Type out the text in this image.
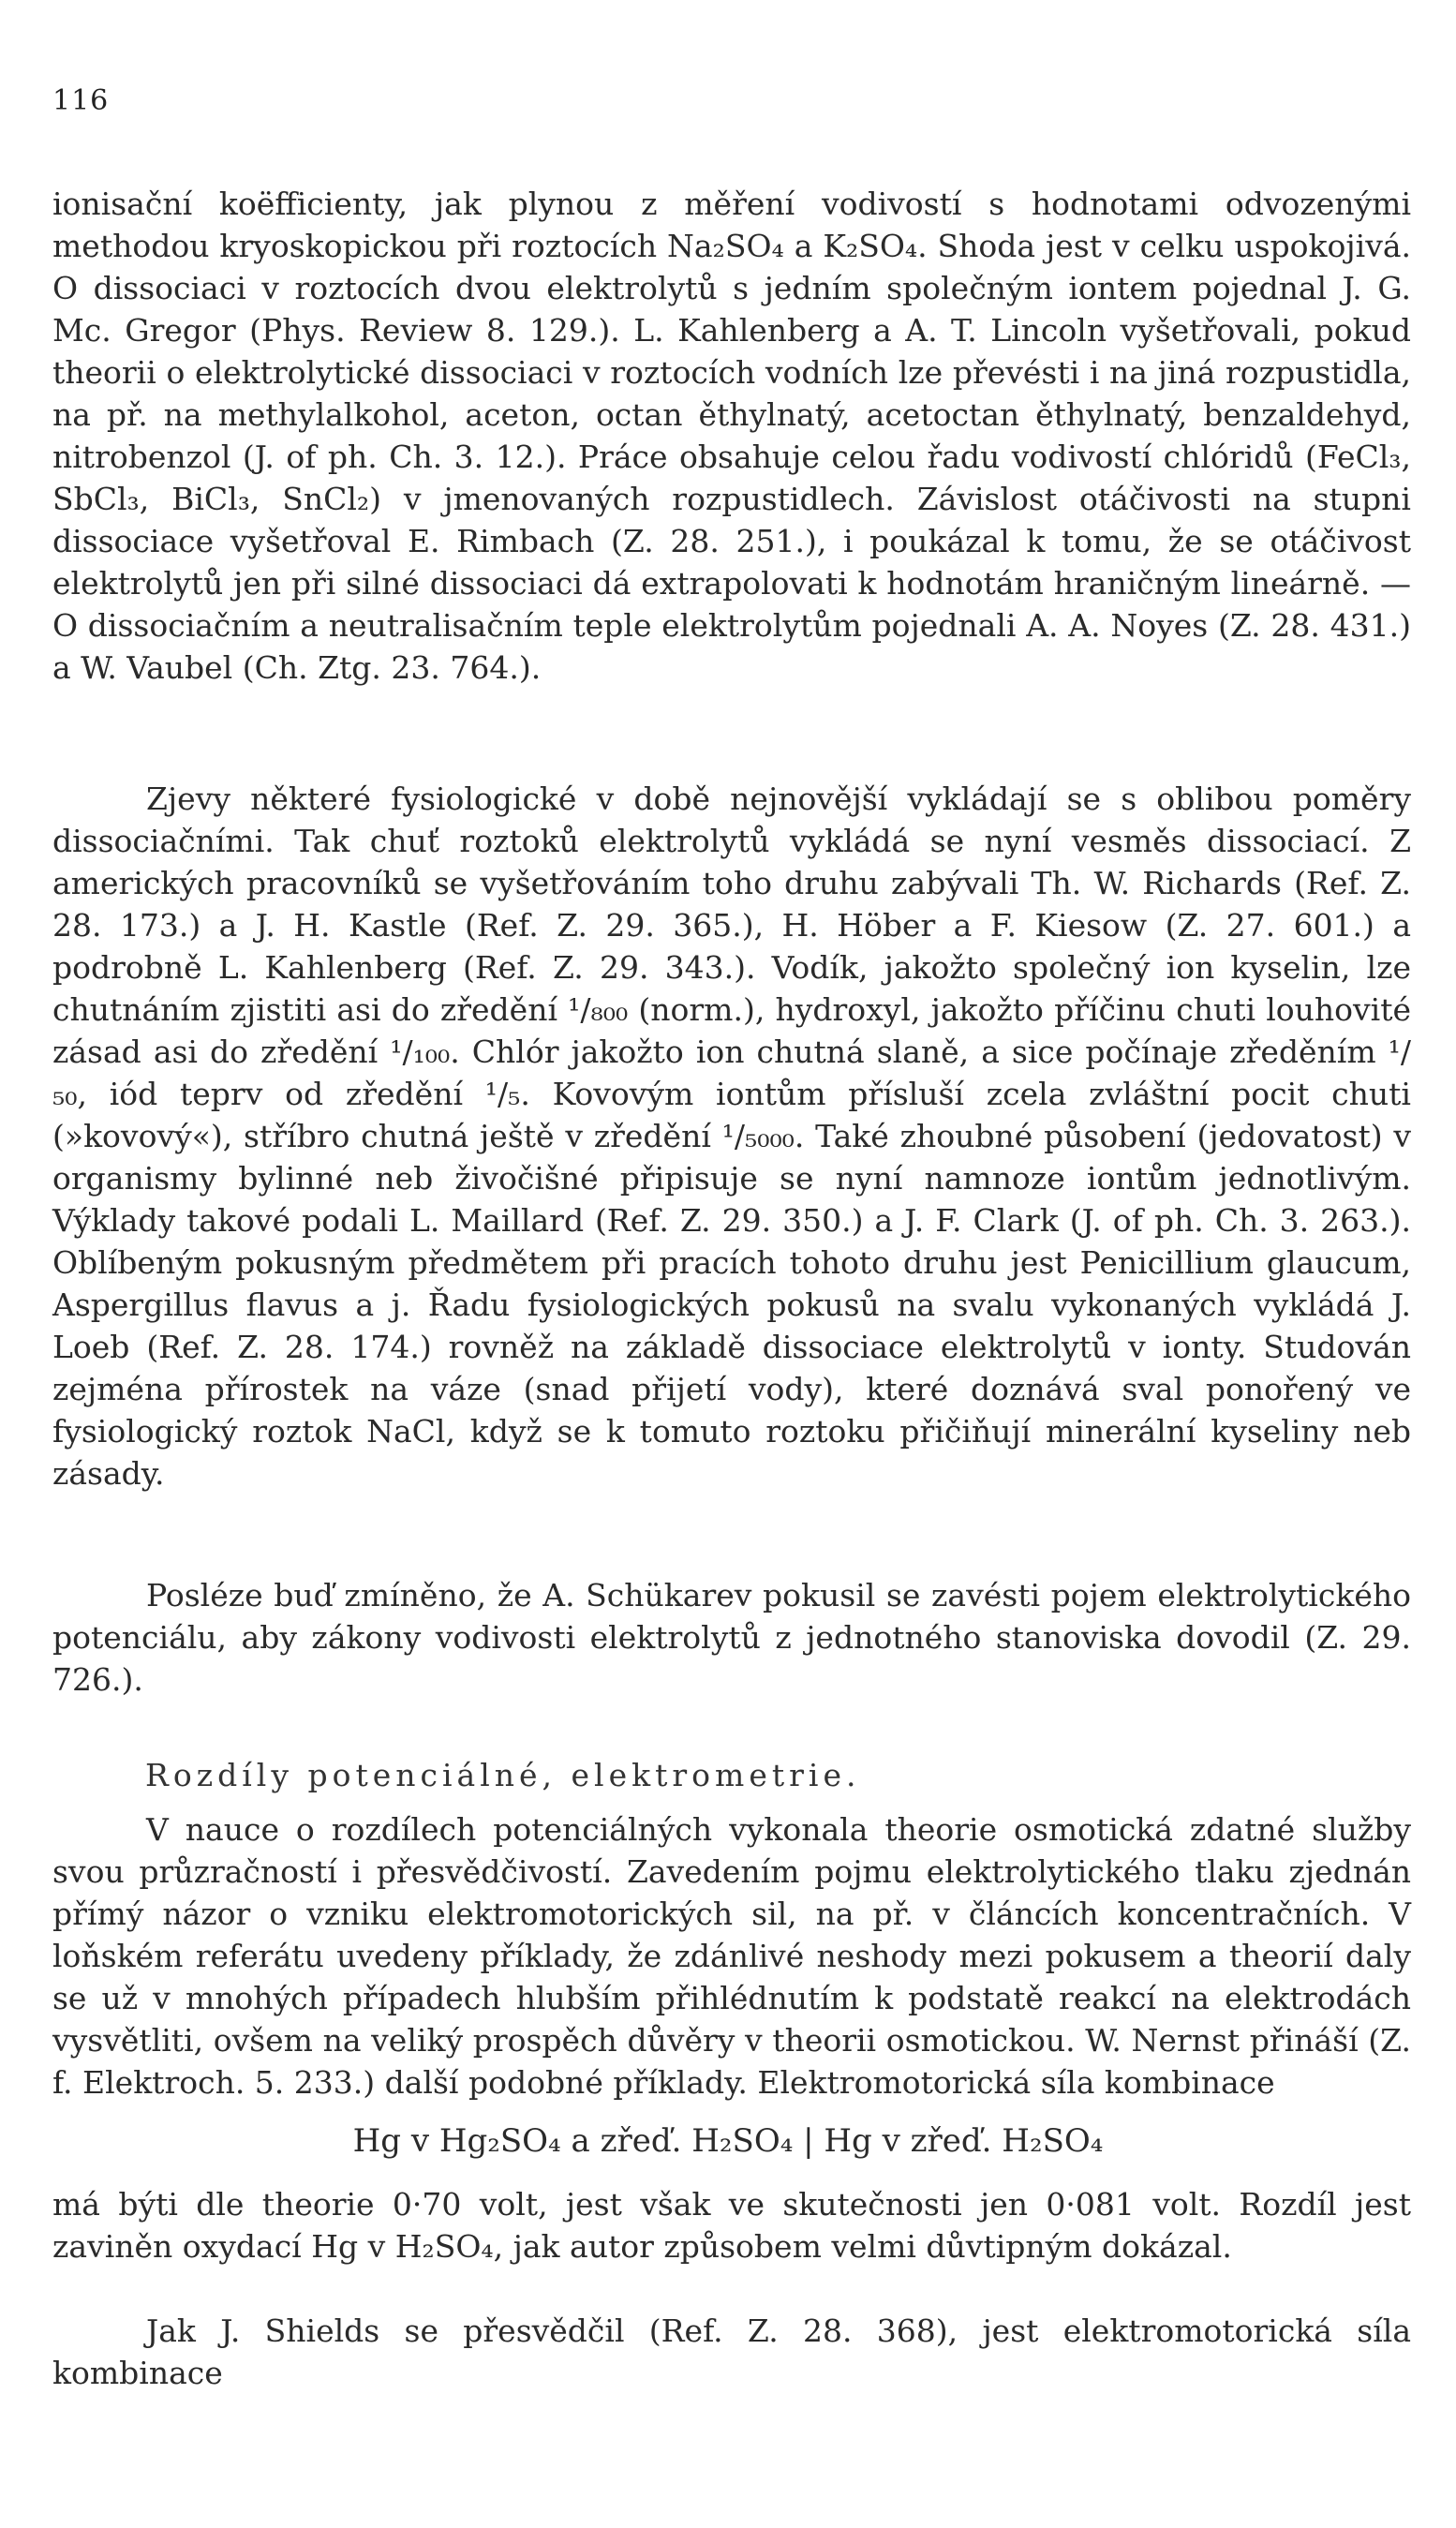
116
ionisační koëfficienty, jak plynou z měření vodivostí s hodnotami odvozenými methodou kryoskopickou při roztocích Na₂SO₄ a K₂SO₄. Shoda jest v celku uspokojivá. O dissociaci v roztocích dvou elektrolytů s jedním společným iontem pojednal J. G. Mc. Gregor (Phys. Review 8. 129.). L. Kahlenberg a A. T. Lincoln vyšetřovali, pokud theorii o elektrolytické dissociaci v roztocích vodních lze převésti i na jiná rozpustidla, na př. na methylalkohol, aceton, octan ěthylnatý, acetoctan ěthylnatý, benzaldehyd, nitrobenzol (J. of ph. Ch. 3. 12.). Práce obsahuje celou řadu vodivostí chlóridů (FeCl₃, SbCl₃, BiCl₃, SnCl₂) v jmenovaných rozpustidlech. Závislost otáčivosti na stupni dissociace vyšetřoval E. Rimbach (Z. 28. 251.), i poukázal k tomu, že se otáčivost elektrolytů jen při silné dissociaci dá extrapolovati k hodnotám hraničným lineárně. — O dissociačním a neutralisačním teple elektrolytům pojednali A. A. Noyes (Z. 28. 431.) a W. Vaubel (Ch. Ztg. 23. 764.).
Zjevy některé fysiologické v době nejnovější vykládají se s oblibou poměry dissociačními. Tak chuť roztoků elektrolytů vykládá se nyní vesměs dissociací. Z amerických pracovníků se vyšetřováním toho druhu zabývali Th. W. Richards (Ref. Z. 28. 173.) a J. H. Kastle (Ref. Z. 29. 365.), H. Höber a F. Kiesow (Z. 27. 601.) a podrobně L. Kahlenberg (Ref. Z. 29. 343.). Vodík, jakožto společný ion kyselin, lze chutnáním zjistiti asi do zředění ¹/₈₀₀ (norm.), hydroxyl, jakožto příčinu chuti louhovité zásad asi do zředění ¹/₁₀₀. Chlór jakožto ion chutná slaně, a sice počínaje zředěním ¹/₅₀, iód teprv od zředění ¹/₅. Kovovým iontům přísluší zcela zvláštní pocit chuti (»kovový«), stříbro chutná ještě v zředění ¹/₅₀₀₀. Také zhoubné působení (jedovatost) v organismy bylinné neb živočišné připisuje se nyní namnoze iontům jednotlivým. Výklady takové podali L. Maillard (Ref. Z. 29. 350.) a J. F. Clark (J. of ph. Ch. 3. 263.). Oblíbeným pokusným předmětem při pracích tohoto druhu jest Penicillium glaucum, Aspergillus flavus a j. Řadu fysiologických pokusů na svalu vykonaných vykládá J. Loeb (Ref. Z. 28. 174.) rovněž na základě dissociace elektrolytů v ionty. Studován zejména přírostek na váze (snad přijetí vody), které doznává sval ponořený ve fysiologický roztok NaCl, když se k tomuto roztoku přičiňují minerální kyseliny neb zásady.
Posléze buď zmíněno, že A. Schükarev pokusil se zavésti pojem elektrolytického potenciálu, aby zákony vodivosti elektrolytů z jednotného stanoviska dovodil (Z. 29. 726.).
Rozdíly potenciálné, elektrometrie.
V nauce o rozdílech potenciálných vykonala theorie osmotická zdatné služby svou průzračností i přesvědčivostí. Zavedením pojmu elektrolytického tlaku zjednán přímý názor o vzniku elektromotorických sil, na př. v článcích koncentračních. V loňském referátu uvedeny příklady, že zdánlivé neshody mezi pokusem a theorií daly se už v mnohých případech hlubším přihlédnutím k podstatě reakcí na elektrodách vysvětliti, ovšem na veliký prospěch důvěry v theorii osmotickou. W. Nernst přináší (Z. f. Elektroch. 5. 233.) další podobné příklady. Elektromotorická síla kombinace
Hg v Hg₂SO₄ a zřeď. H₂SO₄ | Hg v zřeď. H₂SO₄
má býti dle theorie 0·70 volt, jest však ve skutečnosti jen 0·081 volt. Rozdíl jest zaviněn oxydací Hg v H₂SO₄, jak autor způsobem velmi důvtipným dokázal.
Jak J. Shields se přesvědčil (Ref. Z. 28. 368), jest elektromotorická síla kombinace
